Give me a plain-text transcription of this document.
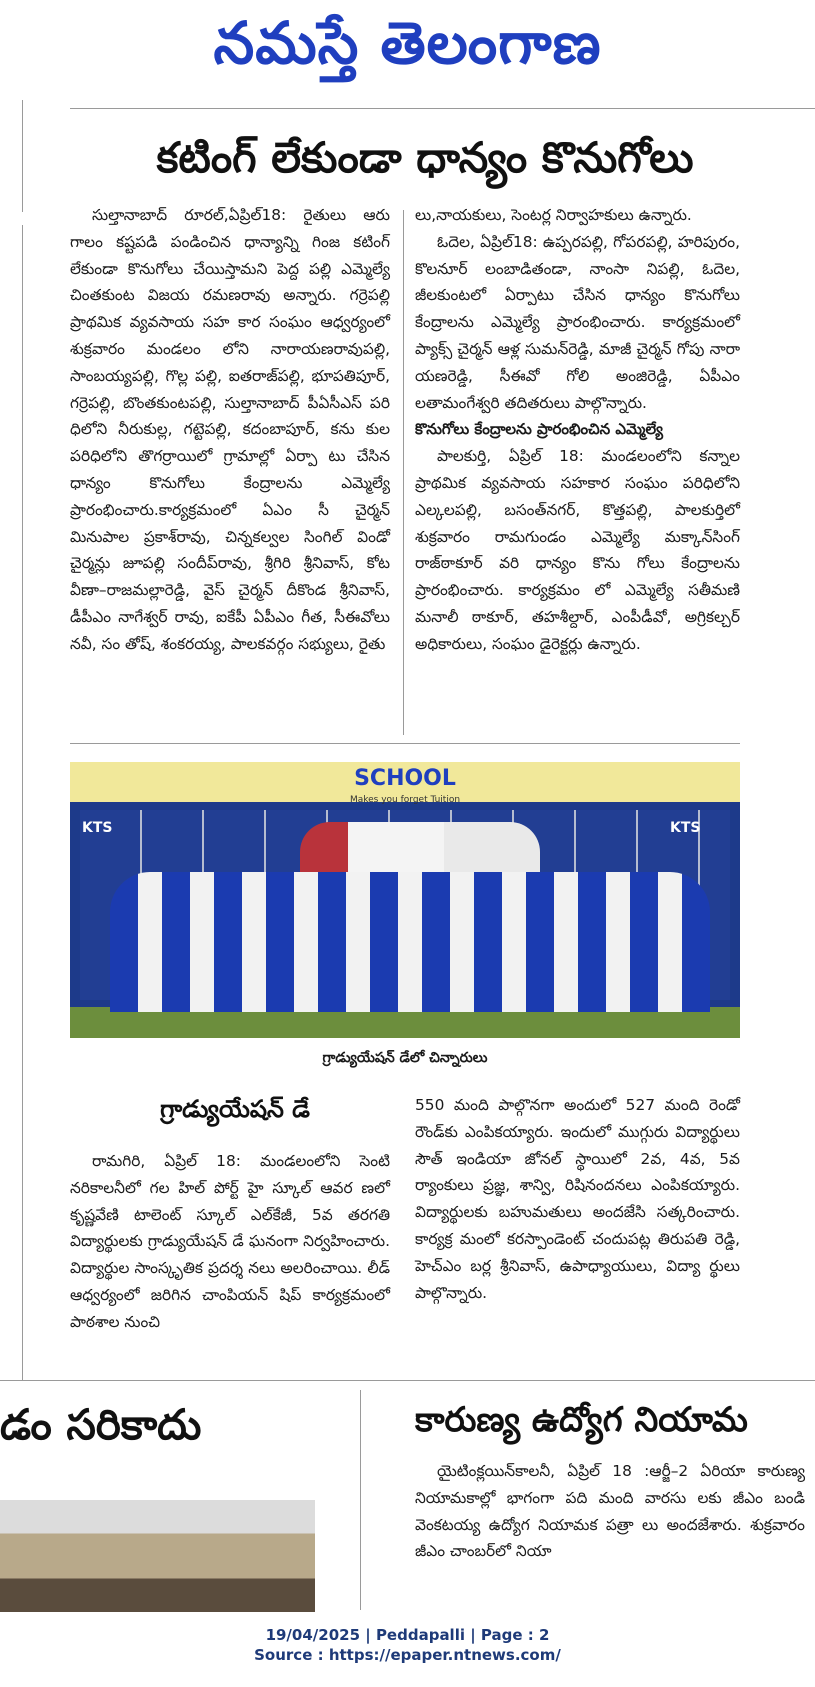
నమస్తే తెలంగాణ
కటింగ్ లేకుండా ధాన్యం కొనుగోలు

సుల్తానాబాద్ రూరల్,ఏప్రిల్18: రైతులు ఆరు గాలం కష్టపడి పండించిన ధాన్యాన్ని గింజ కటింగ్ లేకుండా కొనుగోలు చేయిస్తామని పెద్ద పల్లి ఎమ్మెల్యే చింతకుంట విజయ రమణరావు అన్నారు. గర్రెపల్లి ప్రాథమిక వ్యవసాయ సహ కార సంఘం ఆధ్వర్యంలో శుక్రవారం మండలం లోని నారాయణరావుపల్లి, సాంబయ్యపల్లి, గొల్ల పల్లి, ఐతరాజ్‌పల్లి, భూపతిపూర్, గర్రెపల్లి, బొంతకుంటపల్లి, సుల్తానాబాద్ పీఏసీఎస్ పరి ధిలోని నీరుకుల్ల, గట్టెపల్లి, కదంబాపూర్, కను కుల పరిధిలోని తొగర్రాయిలో గ్రామాల్లో ఏర్పా టు చేసిన ధాన్యం కొనుగోలు కేంద్రాలను ఎమ్మెల్యే ప్రారంభించారు.కార్యక్రమంలో ఏఎం సీ చైర్మన్ మినుపాల ప్రకాశ్‌రావు, చిన్నకల్వల సింగిల్ విండో చైర్మన్లు జూపల్లి సందీప్‌రావు, శ్రీగిరి శ్రీనివాస్, కోట వీణా–రాజమల్లారెడ్డి, వైస్ చైర్మన్ దీకొండ శ్రీనివాస్, డీపీఎం నాగేశ్వర్ రావు, ఐకేపీ ఏపీఎం గీత, సీఈవోలు నవీ, సం తోష్, శంకరయ్య, పాలకవర్గం సభ్యులు, రైతు

లు,నాయకులు, సెంటర్ల నిర్వాహకులు ఉన్నారు.

ఓదెల, ఏప్రిల్18: ఉప్పరపల్లి, గోపరపల్లి, హరిపురం, కొలనూర్ లంబాడితండా, నాంసా నిపల్లి, ఓదెల, జీలకుంటలో ఏర్పాటు చేసిన ధాన్యం కొనుగోలు కేంద్రాలను ఎమ్మెల్యే ప్రారంభించారు. కార్యక్రమంలో ప్యాక్స్ చైర్మన్ ఆళ్ల సుమన్‌రెడ్డి, మాజీ చైర్మన్ గోపు నారా యణరెడ్డి, సీఈవో గోలి అంజిరెడ్డి, ఏపీఎం లతామంగేశ్వరి తదితరులు పాల్గొన్నారు.

కొనుగోలు కేంద్రాలను ప్రారంభించిన ఎమ్మెల్యే

పాలకుర్తి, ఏప్రిల్ 18: మండలంలోని కన్నాల ప్రాథమిక వ్యవసాయ సహకార సంఘం పరిధిలోని ఎల్కలపల్లి, బసంత్‌నగర్, కొత్తపల్లి, పాలకుర్తిలో శుక్రవారం రామగుండం ఎమ్మెల్యే మక్కాన్‌సింగ్ రాజ్‌ఠాకూర్ వరి ధాన్యం కొను గోలు కేంద్రాలను ప్రారంభించారు. కార్యక్రమం లో ఎమ్మెల్యే సతీమణి మనాలీ ఠాకూర్, తహశీల్దార్, ఎంపీడీవో, అగ్రికల్చర్ అధికారులు, సంఘం డైరెక్టర్లు ఉన్నారు.

SCHOOL
Makes you forget Tuition
KTS	KTS
గ్రాడ్యుయేషన్ డేలో చిన్నారులు
గ్రాడ్యుయేషన్ డే

రామగిరి, ఏప్రిల్ 18: మండలంలోని సెంటి నరికాలనీలో గల హిల్ పోర్ట్ హై స్కూల్ ఆవర ణలో కృష్ణవేణి టాలెంట్ స్కూల్ ఎల్‌కేజీ, 5వ తరగతి విద్యార్థులకు గ్రాడ్యుయేషన్ డే ఘనంగా నిర్వహించారు. విద్యార్థుల సాంస్కృతిక ప్రదర్శ నలు అలరించాయి. లీడ్ ఆధ్వర్యంలో జరిగిన చాంపియన్ షిప్ కార్యక్రమంలో పాఠశాల నుంచి

550 మంది పాల్గొనగా అందులో 527 మంది రెండో రౌండ్‌కు ఎంపికయ్యారు. ఇందులో ముగ్గురు విద్యార్థులు సౌత్ ఇండియా జోనల్ స్థాయిలో 2వ, 4వ, 5వ ర్యాంకులు ప్రజ్ఞ, శాన్వి, రిషినందనలు ఎంపికయ్యారు. విద్యార్థులకు బహుమతులు అందజేసి సత్కరించారు. కార్యక్ర మంలో కరస్పాండెంట్ చందుపట్ల తిరుపతి రెడ్డి, హెచ్‌ఎం బర్ల శ్రీనివాస్, ఉపాధ్యాయులు, విద్యా ర్థులు పాల్గొన్నారు.

డం సరికాదు	కారుణ్య ఉద్యోగ నియామ

యైటింక్లయిన్‌కాలనీ, ఏప్రిల్ 18 :ఆర్జీ–2 ఏరియా కారుణ్య నియామకాల్లో భాగంగా పది మంది వారసు లకు జీఎం బండి వెంకటయ్య ఉద్యోగ నియామక పత్రా లు అందజేశారు. శుక్రవారం జీఎం చాంబర్‌లో నియా

19/04/2025 | Peddapalli | Page : 2
Source : https://epaper.ntnews.com/
